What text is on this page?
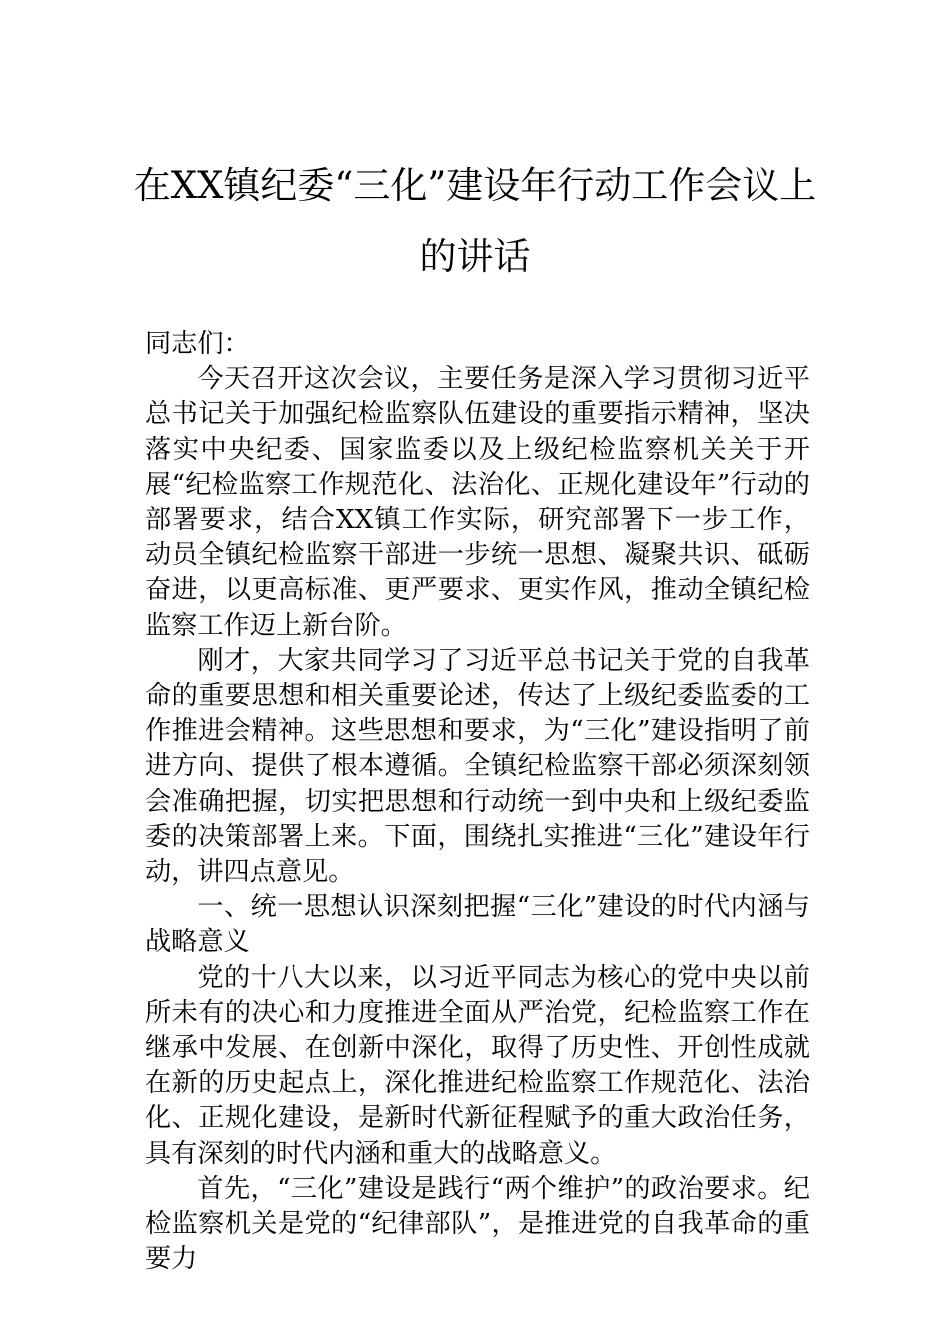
在XX镇纪委“三化”建设年行动工作会议上
的讲话

同志们：

今天召开这次会议，主要任务是深入学习贯彻习近平总书记关于加强纪检监察队伍建设的重要指示精神，坚决落实中央纪委、国家监委以及上级纪检监察机关关于开展“纪检监察工作规范化、法治化、正规化建设年”行动的部署要求，结合XX镇工作实际，研究部署下一步工作，动员全镇纪检监察干部进一步统一思想、凝聚共识、砥砺奋进，以更高标准、更严要求、更实作风，推动全镇纪检监察工作迈上新台阶。

刚才，大家共同学习了习近平总书记关于党的自我革命的重要思想和相关重要论述，传达了上级纪委监委的工作推进会精神。这些思想和要求，为“三化”建设指明了前进方向、提供了根本遵循。全镇纪检监察干部必须深刻领会准确把握，切实把思想和行动统一到中央和上级纪委监委的决策部署上来。下面，围绕扎实推进“三化”建设年行动，讲四点意见。

一、统一思想认识深刻把握“三化”建设的时代内涵与战略意义

党的十八大以来，以习近平同志为核心的党中央以前所未有的决心和力度推进全面从严治党，纪检监察工作在继承中发展、在创新中深化，取得了历史性、开创性成就在新的历史起点上，深化推进纪检监察工作规范化、法治化、正规化建设，是新时代新征程赋予的重大政治任务，具有深刻的时代内涵和重大的战略意义。

首先，“三化”建设是践行“两个维护”的政治要求。纪检监察机关是党的“纪律部队”，是推进党的自我革命的重要力
